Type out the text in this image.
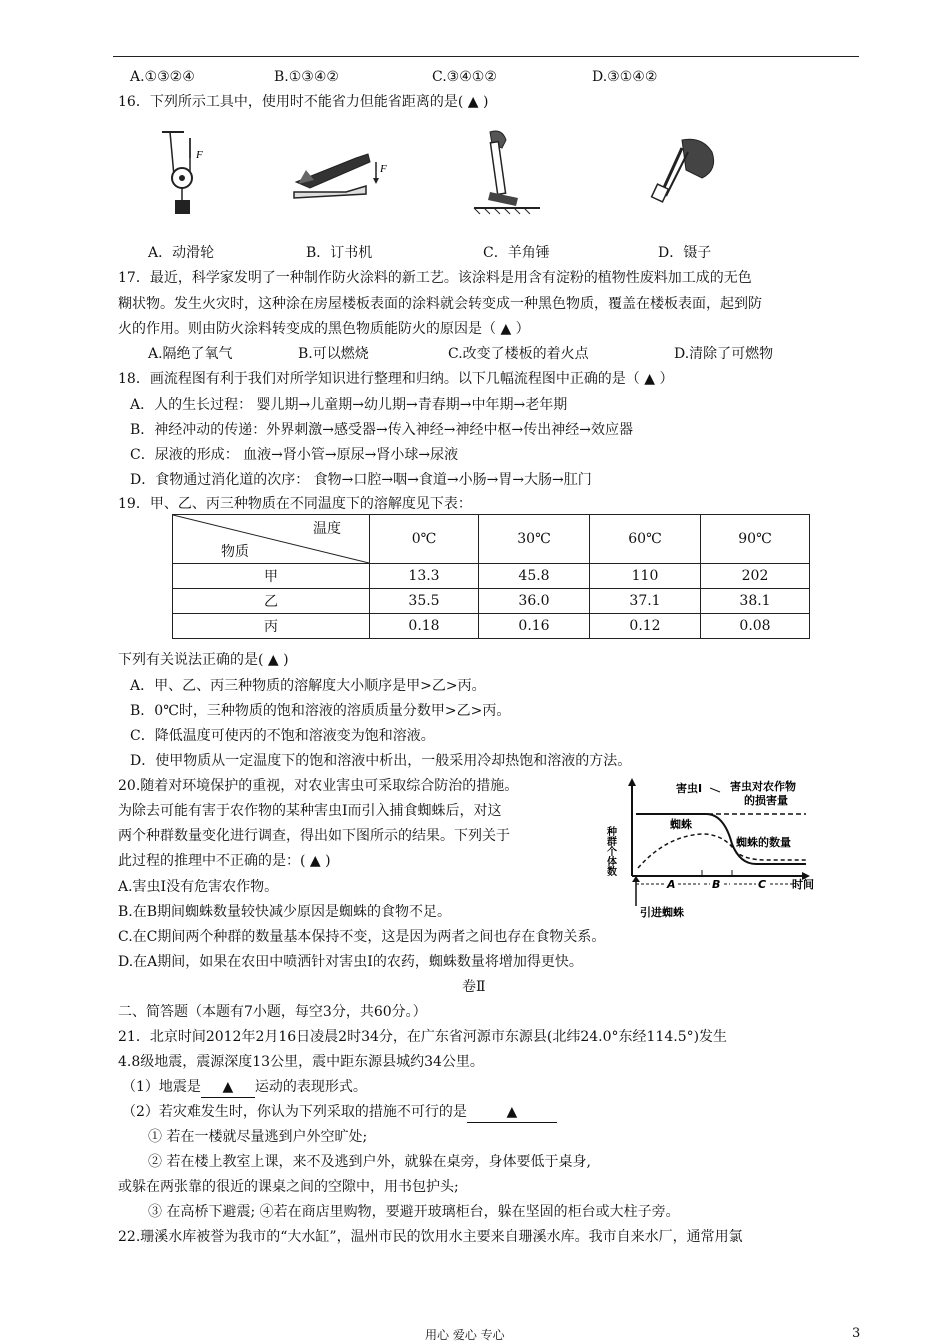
A.①③②④	B.①③④②	C.③④①②	D.③①④②
16．下列所示工具中，使用时不能省力但能省距离的是( ▲ )
F
F
A．动滑轮	B．订书机	C．羊角锤	D．镊子
17．最近，科学家发明了一种制作防火涂料的新工艺。该涂料是用含有淀粉的植物性废料加工成的无色
糊状物。发生火灾时，这种涂在房屋楼板表面的涂料就会转变成一种黑色物质，覆盖在楼板表面，起到防
火的作用。则由防火涂料转变成的黑色物质能防火的原因是（ ▲ ）
A.隔绝了氧气	B.可以燃烧	C.改变了楼板的着火点	D.清除了可燃物
18．画流程图有利于我们对所学知识进行整理和归纳。以下几幅流程图中正确的是（ ▲ ）
A．人的生长过程： 婴儿期→儿童期→幼儿期→青春期→中年期→老年期
B．神经冲动的传递：外界刺激→感受器→传入神经→神经中枢→传出神经→效应器
C．尿液的形成： 血液→肾小管→原尿→肾小球→尿液
D．食物通过消化道的次序： 食物→口腔→咽→食道→小肠→胃→大肠→肛门
19．甲、乙、丙三种物质在不同温度下的溶解度见下表：
温度
物质	0℃	30℃	60℃	90℃
甲	13.3	45.8	110	202
乙	35.5	36.0	37.1	38.1
丙	0.18	0.16	0.12	0.08
下列有关说法正确的是( ▲ )
A．甲、乙、丙三种物质的溶解度大小顺序是甲>乙>丙。
B．0℃时，三种物质的饱和溶液的溶质质量分数甲>乙>丙。
C．降低温度可使丙的不饱和溶液变为饱和溶液。
D．使甲物质从一定温度下的饱和溶液中析出，一般采用冷却热饱和溶液的方法。
20.随着对环境保护的重视，对农业害虫可采取综合防治的措施。
为除去可能有害于农作物的某种害虫Ⅰ而引入捕食蜘蛛后，对这
两个种群数量变化进行调查，得出如下图所示的结果。下列关于
此过程的推理中不正确的是：( ▲ )
A.害虫Ⅰ没有危害农作物。
B.在B期间蜘蛛数量较快减少原因是蜘蛛的食物不足。
C.在C期间两个种群的数量基本保持不变，这是因为两者之间也存在食物关系。
D.在A期间，如果在农田中喷洒针对害虫Ⅰ的农药，蜘蛛数量将增加得更快。
种群个体数
时间
害虫Ⅰ	害虫对农作物
的损害量
蜘蛛
蜘蛛的数量
A	B	C
引进蜘蛛
卷Ⅱ
二、简答题（本题有7小题，每空3分，共60分。）
21．北京时间2012年2月16日凌晨2时34分，在广东省河源市东源县(北纬24.0°东经114.5°)发生
4.8级地震，震源深度13公里，震中距东源县城约34公里。
（1）地震是 ▲ 运动的表现形式。
（2）若灾难发生时，你认为下列采取的措施不可行的是	▲
① 若在一楼就尽量逃到户外空旷处;
② 若在楼上教室上课，来不及逃到户外，就躲在桌旁，身体要低于桌身,
或躲在两张靠的很近的课桌之间的空隙中，用书包护头;
③ 在高桥下避震; ④若在商店里购物，要避开玻璃柜台，躲在坚固的柜台或大柱子旁。
22.珊溪水库被誉为我市的“大水缸”，温州市民的饮用水主要来自珊溪水库。我市自来水厂，通常用氯
用心 爱心 专心	3
